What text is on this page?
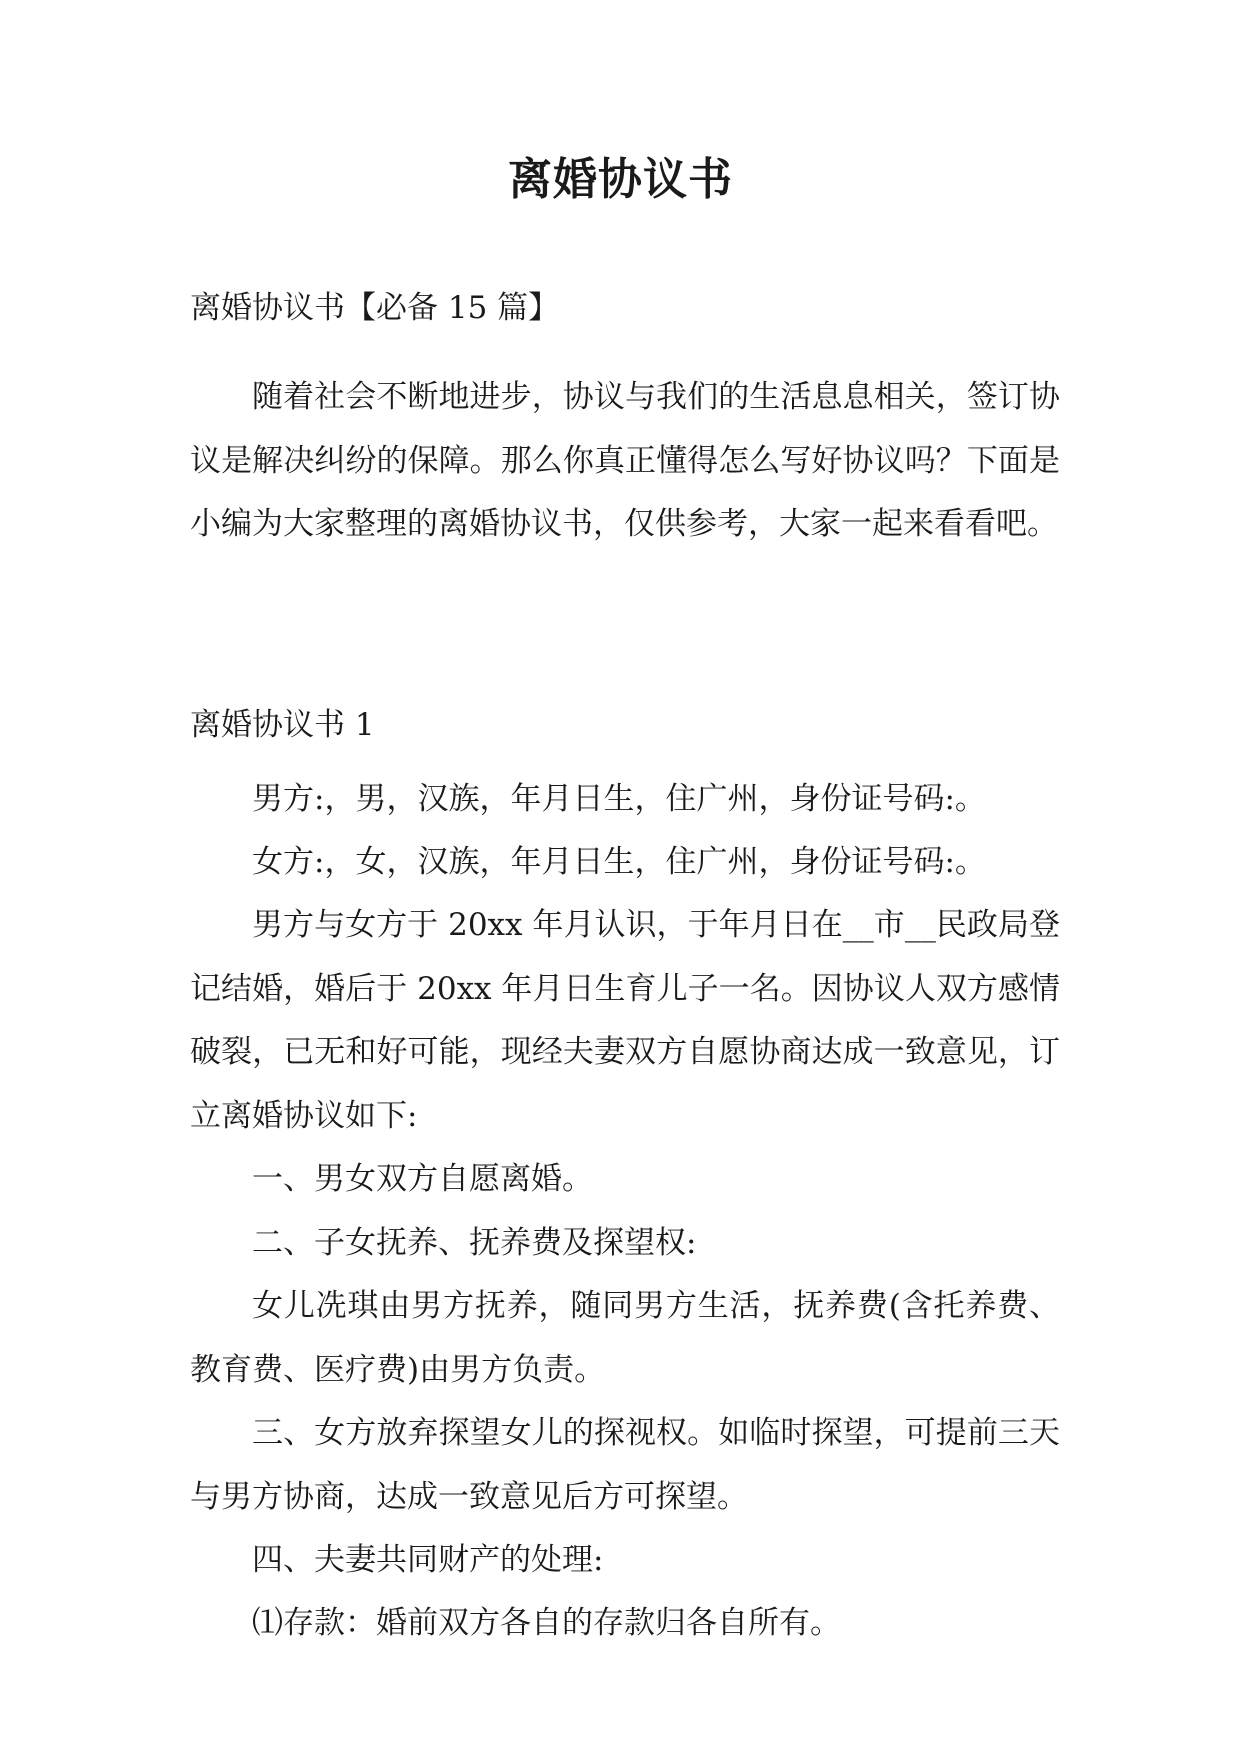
离婚协议书
离婚协议书【必备 15 篇】
随着社会不断地进步，协议与我们的生活息息相关，签订协议是解决纠纷的保障。那么你真正懂得怎么写好协议吗？下面是小编为大家整理的离婚协议书，仅供参考，大家一起来看看吧。
离婚协议书 1
男方:，男，汉族，年月日生，住广州，身份证号码:。
女方:，女，汉族，年月日生，住广州，身份证号码:。
男方与女方于 20xx 年月认识，于年月日在__市__民政局登记结婚，婚后于 20xx 年月日生育儿子一名。因协议人双方感情破裂，已无和好可能，现经夫妻双方自愿协商达成一致意见，订立离婚协议如下:
一、男女双方自愿离婚。
二、子女抚养、抚养费及探望权:
女儿冼琪由男方抚养，随同男方生活，抚养费(含托养费、教育费、医疗费)由男方负责。
三、女方放弃探望女儿的探视权。如临时探望，可提前三天与男方协商，达成一致意见后方可探望。
四、夫妻共同财产的处理:
⑴存款：婚前双方各自的存款归各自所有。
